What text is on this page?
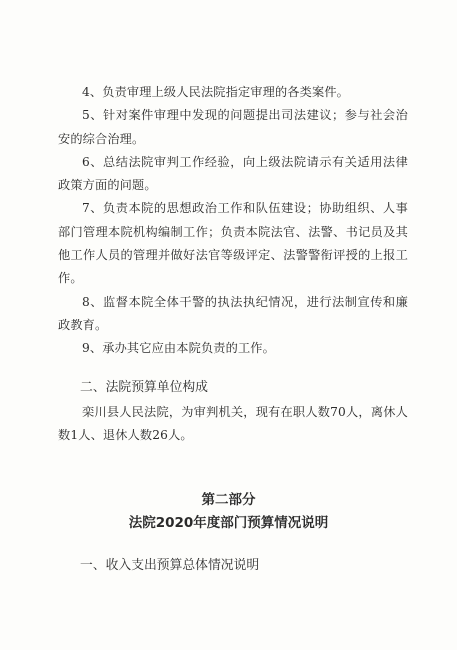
4、负责审理上级人民法院指定审理的各类案件。

5、针对案件审理中发现的问题提出司法建议；参与社会治安的综合治理。

6、总结法院审判工作经验，向上级法院请示有关适用法律政策方面的问题。

7、负责本院的思想政治工作和队伍建设；协助组织、人事部门管理本院机构编制工作；负责本院法官、法警、书记员及其他工作人员的管理并做好法官等级评定、法警警衔评授的上报工作。

8、监督本院全体干警的执法执纪情况，进行法制宣传和廉政教育。

9、承办其它应由本院负责的工作。

二、法院预算单位构成

栾川县人民法院，为审判机关，现有在职人数70人，离休人数1人、退休人数26人。

第二部分
法院2020年度部门预算情况说明
一、收入支出预算总体情况说明
